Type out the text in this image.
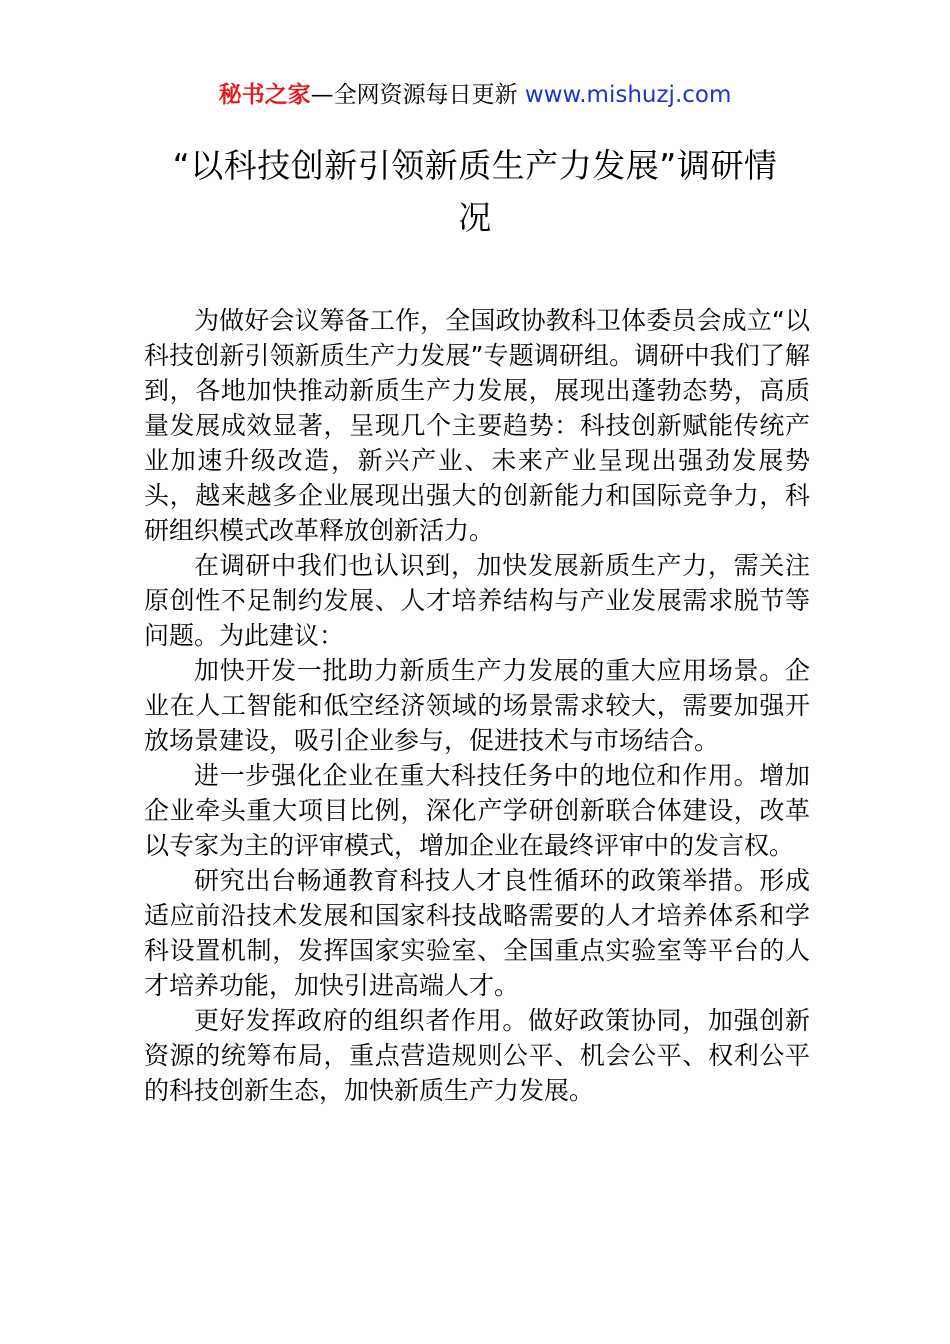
秘书之家—全网资源每日更新 www.mishuzj.com
“以科技创新引领新质生产力发展”调研情
况

为做好会议筹备工作，全国政协教科卫体委员会成立“以科技创新引领新质生产力发展”专题调研组。调研中我们了解到，各地加快推动新质生产力发展，展现出蓬勃态势，高质量发展成效显著，呈现几个主要趋势：科技创新赋能传统产业加速升级改造，新兴产业、未来产业呈现出强劲发展势头，越来越多企业展现出强大的创新能力和国际竞争力，科研组织模式改革释放创新活力。

在调研中我们也认识到，加快发展新质生产力，需关注原创性不足制约发展、人才培养结构与产业发展需求脱节等问题。为此建议：

加快开发一批助力新质生产力发展的重大应用场景。企业在人工智能和低空经济领域的场景需求较大，需要加强开放场景建设，吸引企业参与，促进技术与市场结合。

进一步强化企业在重大科技任务中的地位和作用。增加企业牵头重大项目比例，深化产学研创新联合体建设，改革以专家为主的评审模式，增加企业在最终评审中的发言权。

研究出台畅通教育科技人才良性循环的政策举措。形成适应前沿技术发展和国家科技战略需要的人才培养体系和学科设置机制，发挥国家实验室、全国重点实验室等平台的人才培养功能，加快引进高端人才。

更好发挥政府的组织者作用。做好政策协同，加强创新资源的统筹布局，重点营造规则公平、机会公平、权利公平的科技创新生态，加快新质生产力发展。
